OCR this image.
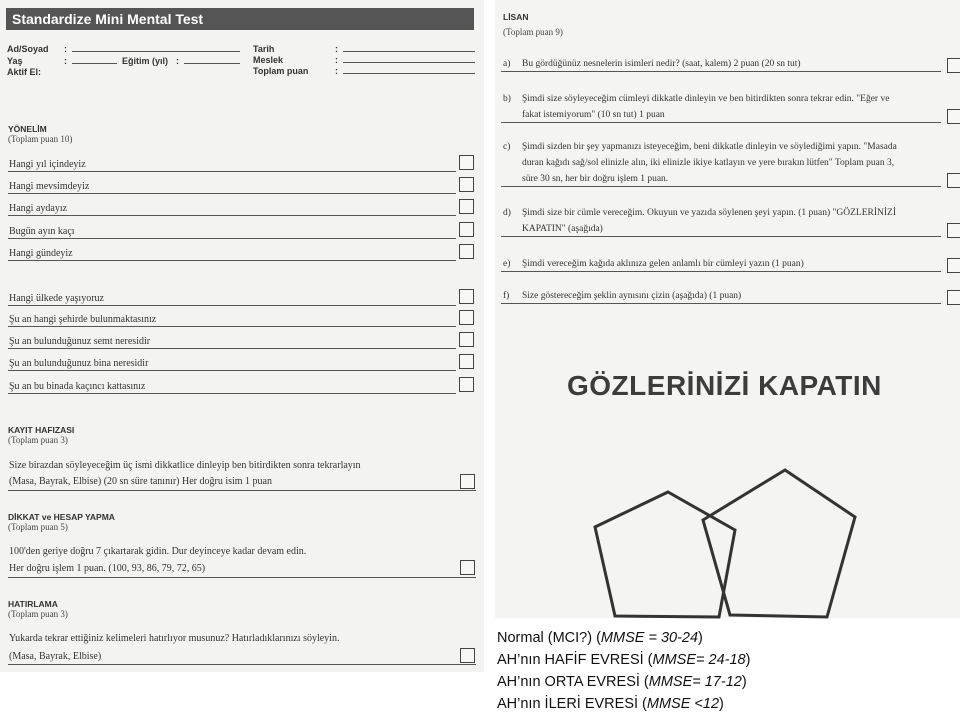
Standardize Mini Mental Test
Ad/Soyad
Yaş
Aktif El:
:
:	Eğitim (yıl) :
Tarih
Meslek
Toplam puan
:
:
:
YÖNELİM
(Toplam puan 10)
Hangi yıl içindeyiz
Hangi mevsimdeyiz
Hangi aydayız
Bugün ayın kaçı
Hangi gündeyiz
Hangi ülkede yaşıyoruz
Şu an hangi şehirde bulunmaktasınız
Şu an bulunduğunuz semt neresidir
Şu an bulunduğunuz bina neresidir
Şu an bu binada kaçıncı kattasınız
KAYIT HAFIZASI
(Toplam puan 3)
Size birazdan söyleyeceğim üç ismi dikkatlice dinleyip ben bitirdikten sonra tekrarlayın
(Masa, Bayrak, Elbise) (20 sn süre tanınır) Her doğru isim 1 puan
DİKKAT ve HESAP YAPMA
(Toplam puan 5)
100'den geriye doğru 7 çıkartarak gidin. Dur deyinceye kadar devam edin.
Her doğru işlem 1 puan. (100, 93, 86, 79, 72, 65)
HATIRLAMA
(Toplam puan 3)
Yukarda tekrar ettiğiniz kelimeleri hatırlıyor musunuz? Hatırladıklarınızı söyleyin.
(Masa, Bayrak, Elbise)
LİSAN
(Toplam puan 9)
a) Bu gördüğünüz nesnelerin isimleri nedir? (saat, kalem) 2 puan (20 sn tut)
b) Şimdi size söyleyeceğim cümleyi dikkatle dinleyin ve ben bitirdikten sonra tekrar edin. "Eğer ve
fakat istemiyorum" (10 sn tut) 1 puan
c) Şimdi sizden bir şey yapmanızı isteyeceğim, beni dikkatle dinleyin ve söylediğimi yapın. "Masada
duran kağıdı sağ/sol elinizle alın, iki elinizle ikiye katlayın ve yere bırakın lütfen" Toplam puan 3,
süre 30 sn, her bir doğru işlem 1 puan.
d) Şimdi size bir cümle vereceğim. Okuyun ve yazıda söylenen şeyi yapın. (1 puan) "GÖZLERİNİZİ
KAPATIN" (aşağıda)
e) Şimdi vereceğim kağıda aklınıza gelen anlamlı bir cümleyi yazın (1 puan)
f) Size göstereceğim şeklin aynısını çizin (aşağıda) (1 puan)
GÖZLERİNİZİ KAPATIN
Normal (MCI?) (MMSE = 30-24)
AH’nın HAFİF EVRESİ (MMSE= 24-18)
AH’nın ORTA EVRESİ (MMSE= 17-12)
AH’nın İLERİ EVRESİ (MMSE <12)
